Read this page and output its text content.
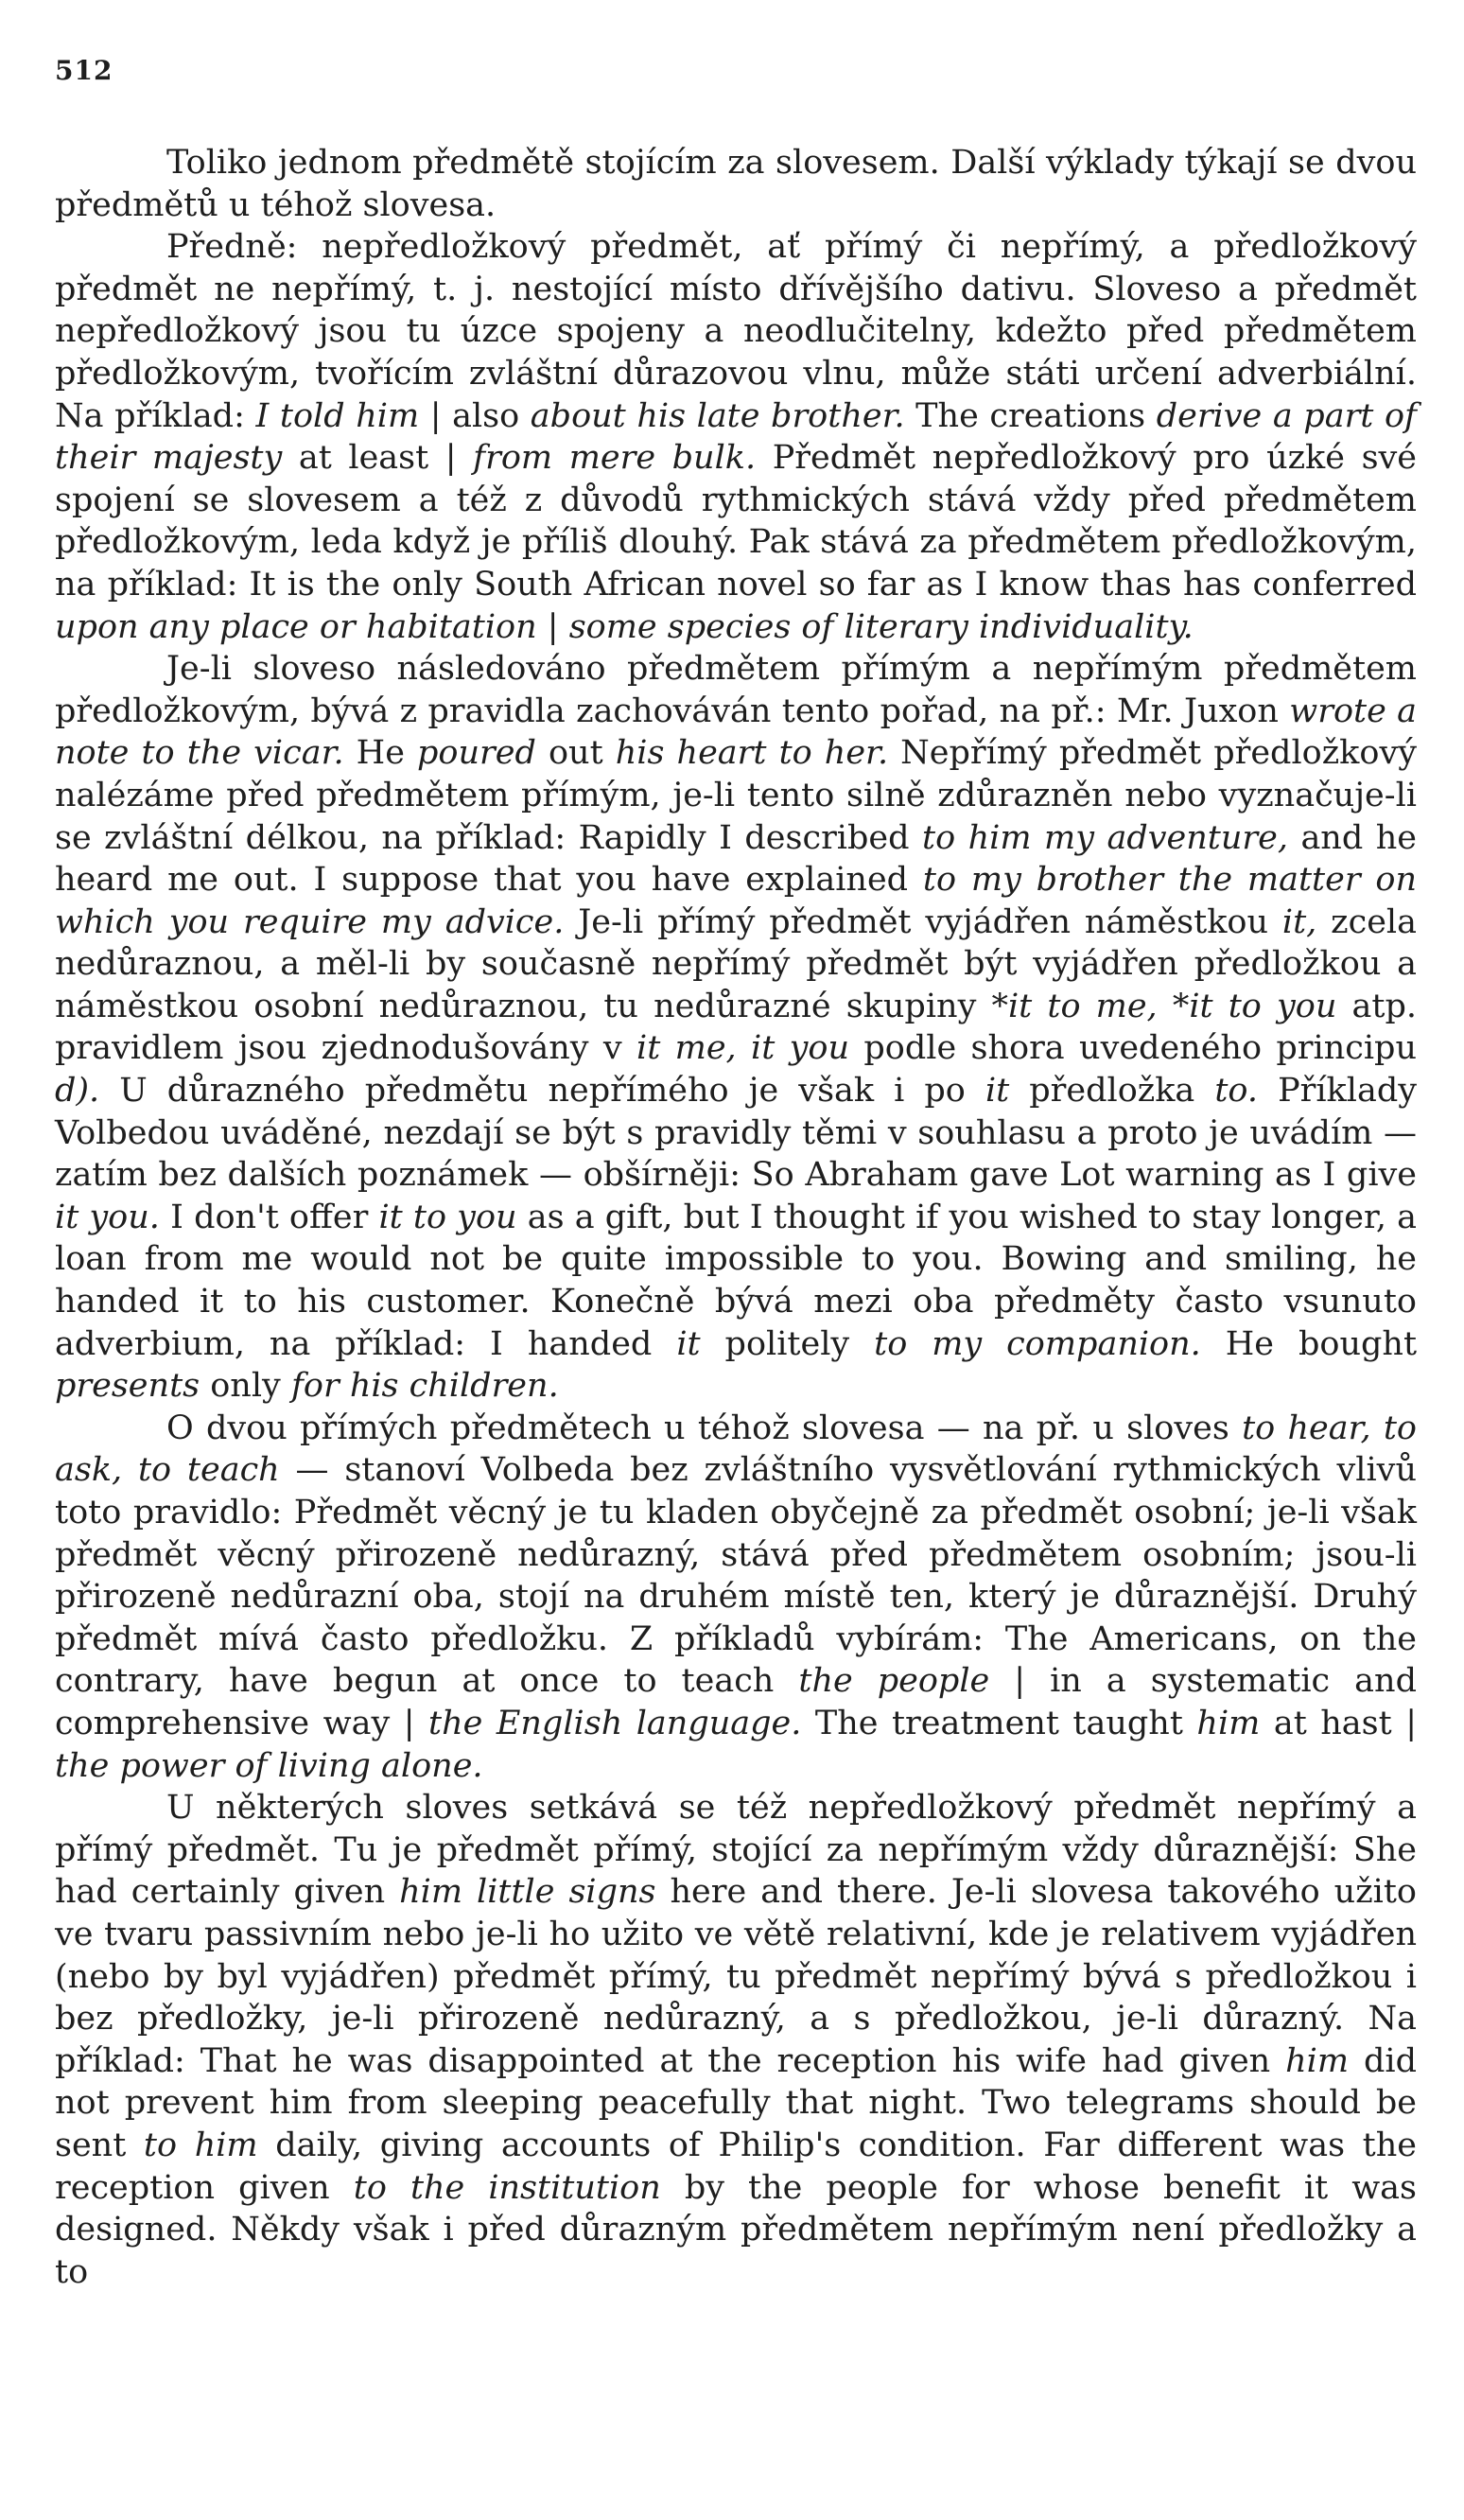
512

Toliko jednom předmětě stojícím za slovesem. Další výklady týkají se dvou předmětů u téhož slovesa.

Předně: nepředložkový předmět, ať přímý či nepřímý, a předložkový předmět ne nepřímý, t. j. nestojící místo dřívějšího dativu. Sloveso a předmět nepředložkový jsou tu úzce spojeny a neodlučitelny, kdežto před předmětem předložkovým, tvořícím zvláštní důrazovou vlnu, může státi určení adverbiální. Na příklad: I told him | also about his late brother. The creations derive a part of their majesty at least | from mere bulk. Předmět nepředložkový pro úzké své spojení se slovesem a též z důvodů rythmických stává vždy před předmětem předložkovým, leda když je příliš dlouhý. Pak stává za předmětem předložkovým, na příklad: It is the only South African novel so far as I know thas has conferred upon any place or habitation | some species of literary individuality.

Je-li sloveso následováno předmětem přímým a nepřímým předmětem předložkovým, bývá z pravidla zachováván tento pořad, na př.: Mr. Juxon wrote a note to the vicar. He poured out his heart to her. Nepřímý předmět předložkový nalézáme před předmětem přímým, je-li tento silně zdůrazněn nebo vyznačuje-li se zvláštní délkou, na příklad: Rapidly I described to him my adventure, and he heard me out. I suppose that you have explained to my brother the matter on which you require my advice. Je-li přímý předmět vyjádřen náměstkou it, zcela nedůraznou, a měl-li by současně nepřímý předmět být vyjádřen předložkou a náměstkou osobní nedůraznou, tu nedůrazné skupiny *it to me, *it to you atp. pravidlem jsou zjednodušovány v it me, it you podle shora uvedeného principu d). U důrazného předmětu nepřímého je však i po it předložka to. Příklady Volbedou uváděné, nezdají se být s pravidly těmi v souhlasu a proto je uvádím — zatím bez dalších poznámek — obšírněji: So Abraham gave Lot warning as I give it you. I don't offer it to you as a gift, but I thought if you wished to stay longer, a loan from me would not be quite impossible to you. Bowing and smiling, he handed it to his customer. Konečně bývá mezi oba předměty často vsunuto adverbium, na příklad: I handed it politely to my companion. He bought presents only for his children.

O dvou přímých předmětech u téhož slovesa — na př. u sloves to hear, to ask, to teach — stanoví Volbeda bez zvláštního vysvětlování rythmických vlivů toto pravidlo: Předmět věcný je tu kladen obyčejně za předmět osobní; je-li však předmět věcný přirozeně nedůrazný, stává před předmětem osobním; jsou-li přirozeně nedůrazní oba, stojí na druhém místě ten, který je důraznější. Druhý předmět mívá často předložku. Z příkladů vybírám: The Americans, on the contrary, have begun at once to teach the people | in a systematic and comprehensive way | the English language. The treatment taught him at hast | the power of living alone.

U některých sloves setkává se též nepředložkový předmět nepřímý a přímý předmět. Tu je předmět přímý, stojící za nepřímým vždy důraznější: She had certainly given him little signs here and there. Je-li slovesa takového užito ve tvaru passivním nebo je-li ho užito ve větě relativní, kde je relativem vyjádřen (nebo by byl vyjádřen) předmět přímý, tu předmět nepřímý bývá s předložkou i bez předložky, je-li přirozeně nedůrazný, a s předložkou, je-li důrazný. Na příklad: That he was disappointed at the reception his wife had given him did not prevent him from sleeping peacefully that night. Two telegrams should be sent to him daily, giving accounts of Philip's condition. Far different was the reception given to the institution by the people for whose benefit it was designed. Někdy však i před důrazným předmětem nepřímým není předložky a to
